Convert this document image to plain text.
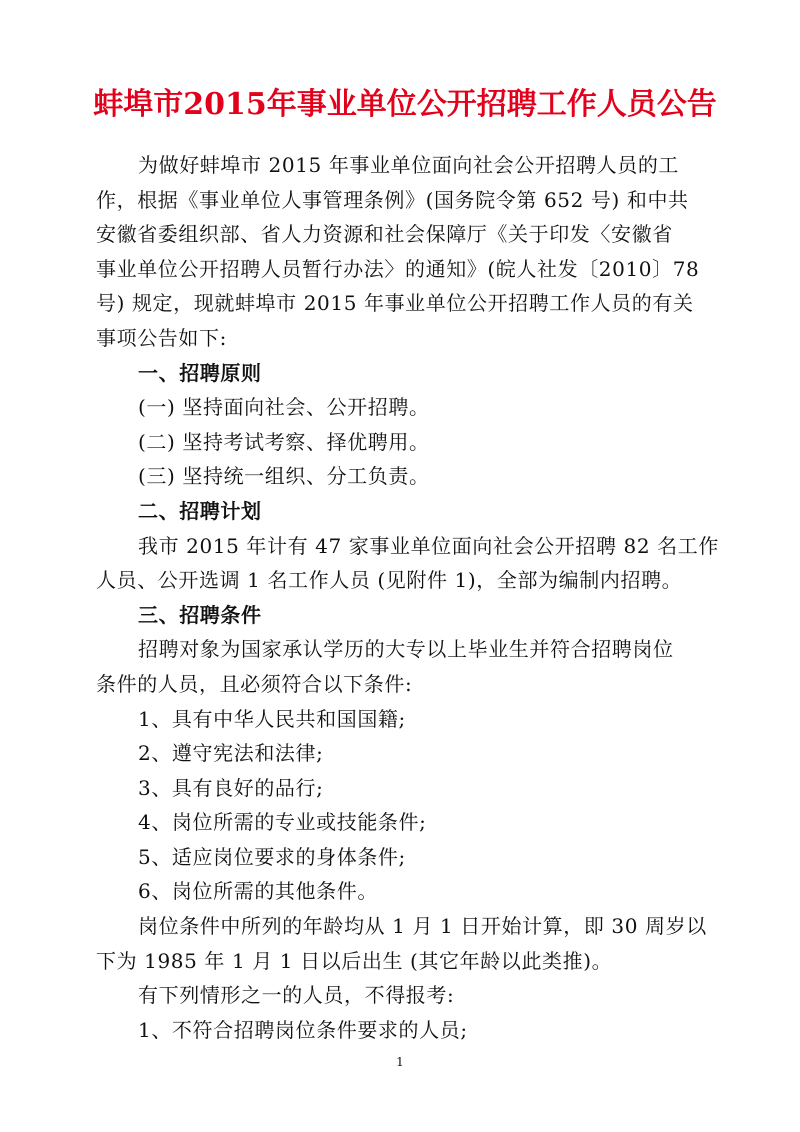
蚌埠市2015年事业单位公开招聘工作人员公告
为做好蚌埠市 2015 年事业单位面向社会公开招聘人员的工
作，根据《事业单位人事管理条例》(国务院令第 652 号) 和中共
安徽省委组织部、省人力资源和社会保障厅《关于印发〈安徽省
事业单位公开招聘人员暂行办法〉的通知》(皖人社发〔2010〕78
号) 规定，现就蚌埠市 2015 年事业单位公开招聘工作人员的有关
事项公告如下:
一、招聘原则
(一) 坚持面向社会、公开招聘。
(二) 坚持考试考察、择优聘用。
(三) 坚持统一组织、分工负责。
二、招聘计划
我市 2015 年计有 47 家事业单位面向社会公开招聘 82 名工作
人员、公开选调 1 名工作人员 (见附件 1)，全部为编制内招聘。
三、招聘条件
招聘对象为国家承认学历的大专以上毕业生并符合招聘岗位
条件的人员，且必须符合以下条件:
1、具有中华人民共和国国籍;
2、遵守宪法和法律;
3、具有良好的品行;
4、岗位所需的专业或技能条件;
5、适应岗位要求的身体条件;
6、岗位所需的其他条件。
岗位条件中所列的年龄均从 1 月 1 日开始计算，即 30 周岁以
下为 1985 年 1 月 1 日以后出生 (其它年龄以此类推)。
有下列情形之一的人员，不得报考:
1、不符合招聘岗位条件要求的人员;
1
